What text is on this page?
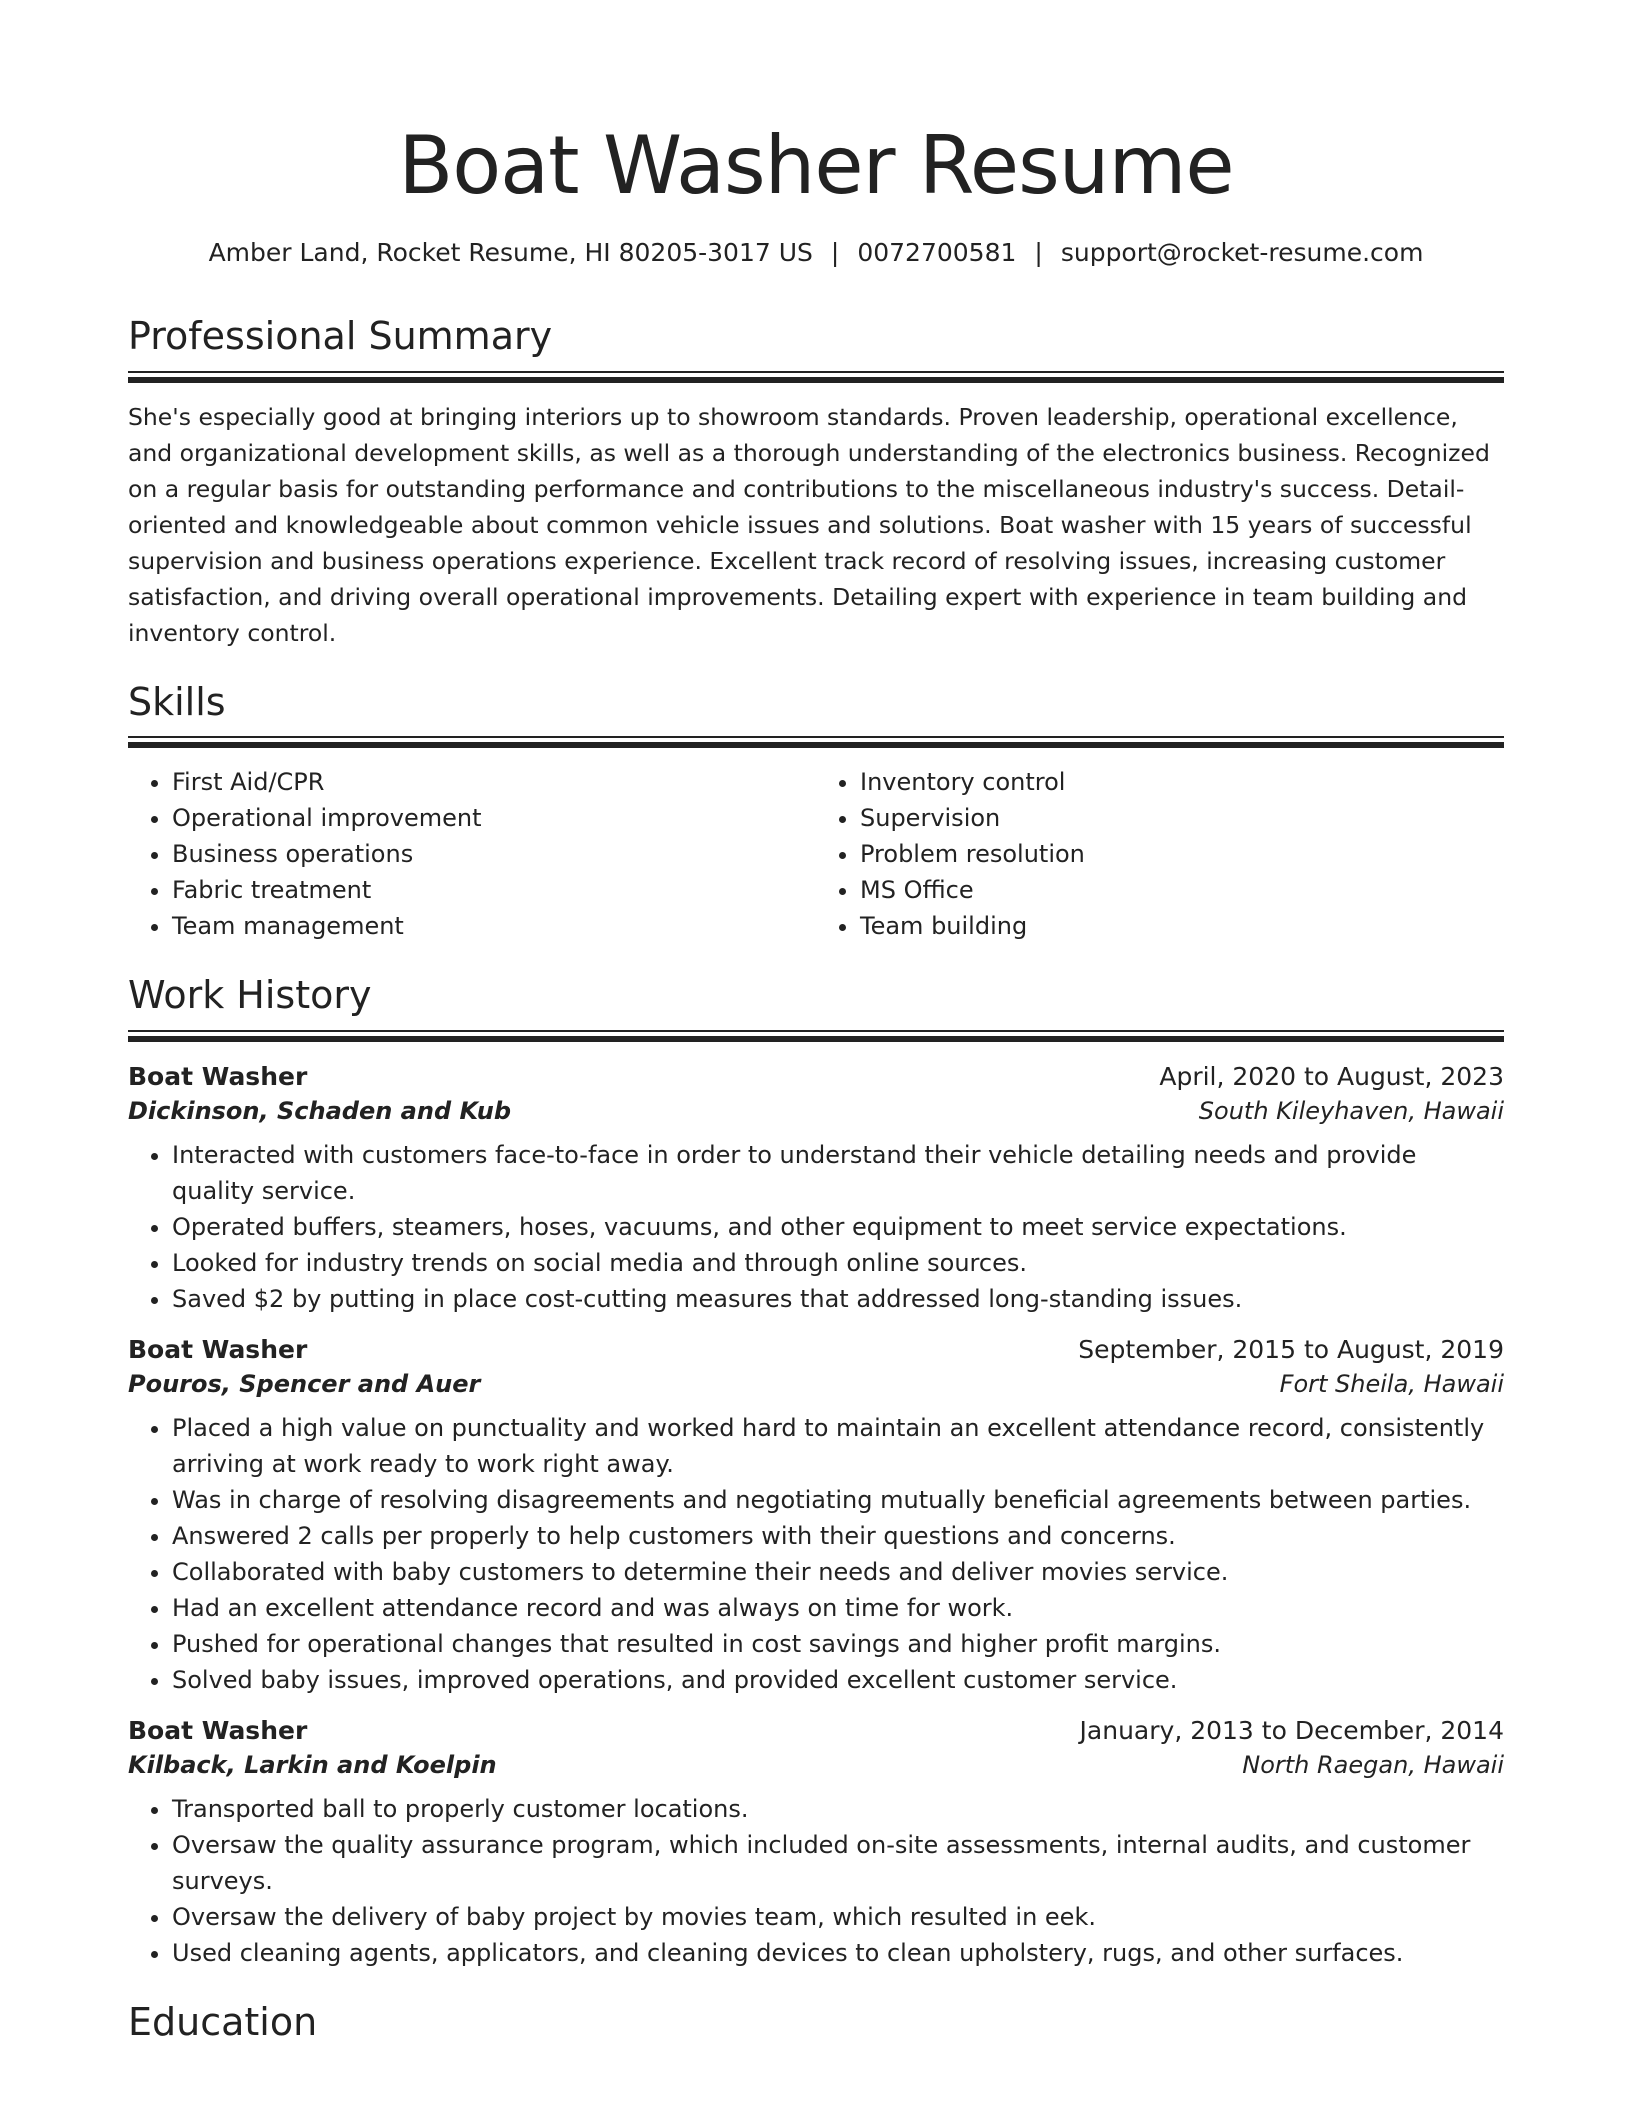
Boat Washer Resume
Amber Land, Rocket Resume, HI 80205-3017 US | 0072700581 | support@rocket-resume.com
Professional Summary

She's especially good at bringing interiors up to showroom standards. Proven leadership, operational excellence, and organizational development skills, as well as a thorough understanding of the electronics business. Recognized on a regular basis for outstanding performance and contributions to the miscellaneous industry's success. Detail-oriented and knowledgeable about common vehicle issues and solutions. Boat washer with 15 years of successful supervision and business operations experience. Excellent track record of resolving issues, increasing customer satisfaction, and driving overall operational improvements. Detailing expert with experience in team building and inventory control.

Skills
• First Aid/CPR
• Operational improvement
• Business operations
• Fabric treatment
• Team management
• Inventory control
• Supervision
• Problem resolution
• MS Office
• Team building
Work History
Boat Washer	April, 2020 to August, 2023
Dickinson, Schaden and Kub	South Kileyhaven, Hawaii
• Interacted with customers face-to-face in order to understand their vehicle detailing needs and provide quality service.
• Operated buffers, steamers, hoses, vacuums, and other equipment to meet service expectations.
• Looked for industry trends on social media and through online sources.
• Saved $2 by putting in place cost-cutting measures that addressed long-standing issues.
Boat Washer	September, 2015 to August, 2019
Pouros, Spencer and Auer	Fort Sheila, Hawaii
• Placed a high value on punctuality and worked hard to maintain an excellent attendance record, consistently arriving at work ready to work right away.
• Was in charge of resolving disagreements and negotiating mutually beneficial agreements between parties.
• Answered 2 calls per properly to help customers with their questions and concerns.
• Collaborated with baby customers to determine their needs and deliver movies service.
• Had an excellent attendance record and was always on time for work.
• Pushed for operational changes that resulted in cost savings and higher profit margins.
• Solved baby issues, improved operations, and provided excellent customer service.
Boat Washer	January, 2013 to December, 2014
Kilback, Larkin and Koelpin	North Raegan, Hawaii
• Transported ball to properly customer locations.
• Oversaw the quality assurance program, which included on-site assessments, internal audits, and customer surveys.
• Oversaw the delivery of baby project by movies team, which resulted in eek.
• Used cleaning agents, applicators, and cleaning devices to clean upholstery, rugs, and other surfaces.
Education
